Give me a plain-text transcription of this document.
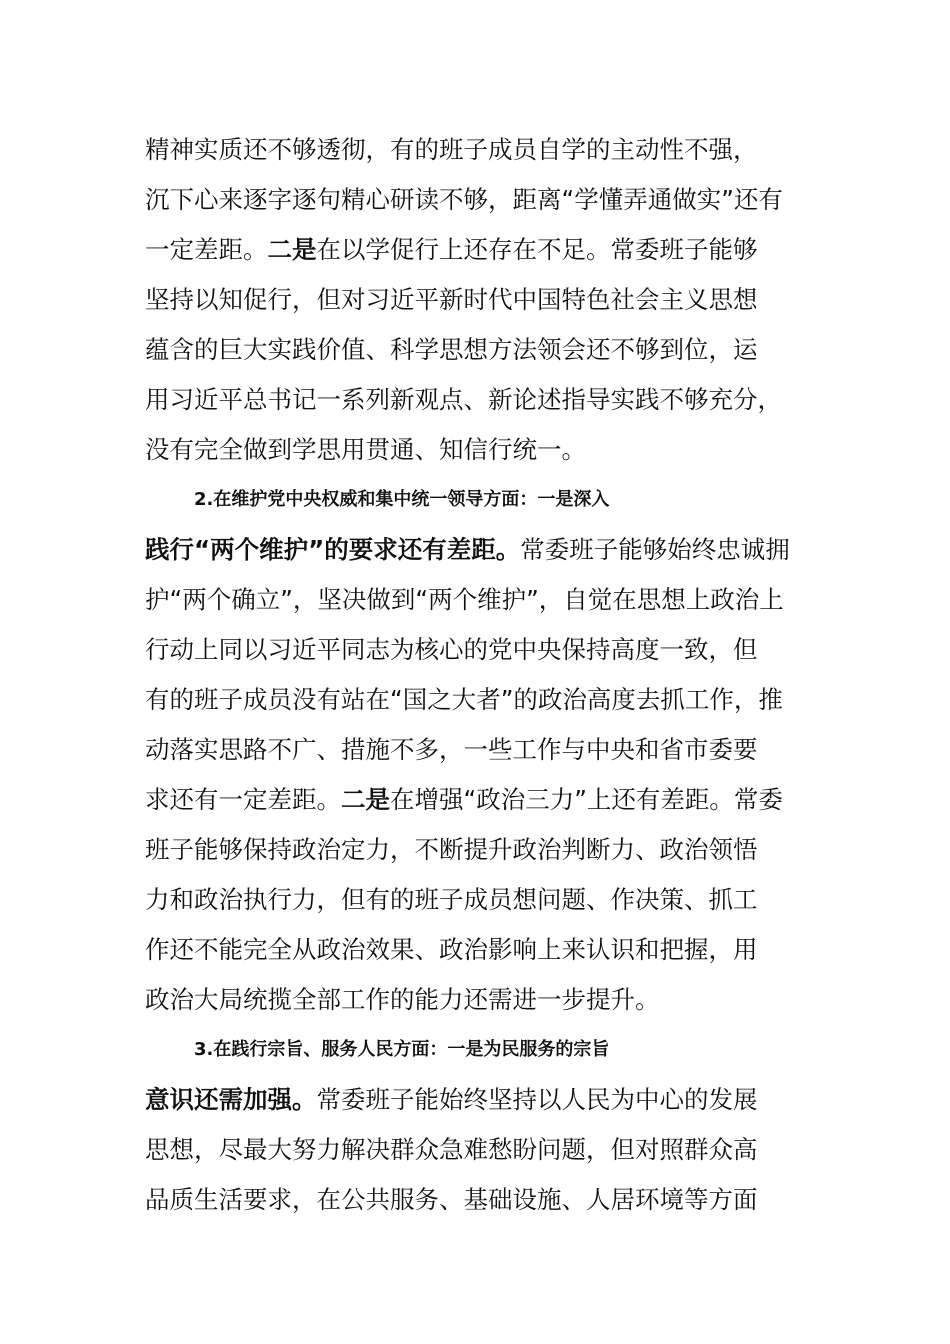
精神实质还不够透彻，有的班子成员自学的主动性不强，
沉下心来逐字逐句精心研读不够，距离“学懂弄通做实”还有
一定差距。二是在以学促行上还存在不足。常委班子能够
坚持以知促行，但对习近平新时代中国特色社会主义思想
蕴含的巨大实践价值、科学思想方法领会还不够到位，运
用习近平总书记一系列新观点、新论述指导实践不够充分，
没有完全做到学思用贯通、知信行统一。
2.在维护党中央权威和集中统一领导方面：一是深入
践行“两个维护”的要求还有差距。常委班子能够始终忠诚拥
护“两个确立”，坚决做到“两个维护”，自觉在思想上政治上
行动上同以习近平同志为核心的党中央保持高度一致，但
有的班子成员没有站在“国之大者”的政治高度去抓工作，推
动落实思路不广、措施不多，一些工作与中央和省市委要
求还有一定差距。二是在增强“政治三力”上还有差距。常委
班子能够保持政治定力，不断提升政治判断力、政治领悟
力和政治执行力，但有的班子成员想问题、作决策、抓工
作还不能完全从政治效果、政治影响上来认识和把握，用
政治大局统揽全部工作的能力还需进一步提升。
3.在践行宗旨、服务人民方面：一是为民服务的宗旨
意识还需加强。常委班子能始终坚持以人民为中心的发展
思想，尽最大努力解决群众急难愁盼问题，但对照群众高
品质生活要求，在公共服务、基础设施、人居环境等方面
